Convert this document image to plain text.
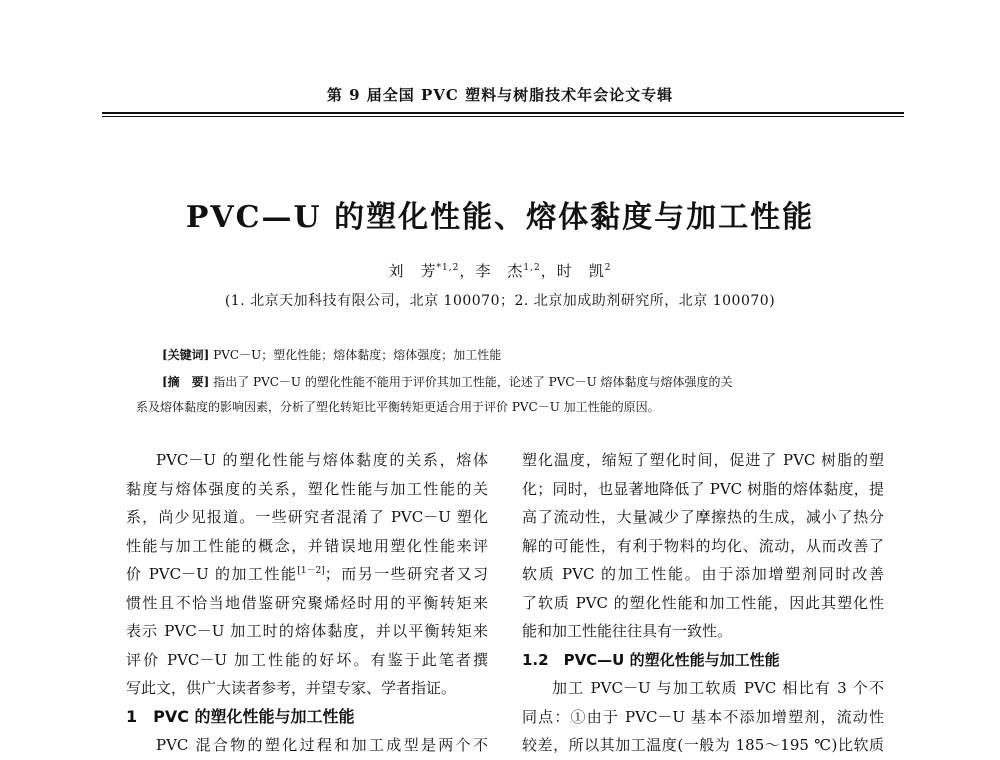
第 9 届全国 PVC 塑料与树脂技术年会论文专辑
PVC—U 的塑化性能、熔体黏度与加工性能
刘　芳$^{*1,2}$，李　杰$^{1,2}$，时　凯$^2$
(1. 北京天加科技有限公司，北京 100070；2. 北京加成助剂研究所，北京 100070)
[关键词] PVC－U；塑化性能；熔体黏度；熔体强度；加工性能
[摘　要] 指出了 PVC－U 的塑化性能不能用于评价其加工性能，论述了 PVC－U 熔体黏度与熔体强度的关
系及熔体黏度的影响因素，分析了塑化转矩比平衡转矩更适合用于评价 PVC－U 加工性能的原因。
PVC－U 的塑化性能与熔体黏度的关系，熔体
黏度与熔体强度的关系，塑化性能与加工性能的关
系，尚少见报道。一些研究者混淆了 PVC－U 塑化
性能与加工性能的概念，并错误地用塑化性能来评
价 PVC－U 的加工性能[1－2]；而另一些研究者又习
惯性且不恰当地借鉴研究聚烯烃时用的平衡转矩来
表示 PVC－U 加工时的熔体黏度，并以平衡转矩来
评价 PVC－U 加工性能的好坏。有鉴于此笔者撰
写此文，供广大读者参考，并望专家、学者指证。
1　PVC 的塑化性能与加工性能
PVC 混合物的塑化过程和加工成型是两个不
塑化温度，缩短了塑化时间，促进了 PVC 树脂的塑
化；同时，也显著地降低了 PVC 树脂的熔体黏度，提
高了流动性，大量减少了摩擦热的生成，减小了热分
解的可能性，有利于物料的均化、流动，从而改善了
软质 PVC 的加工性能。由于添加增塑剂同时改善
了软质 PVC 的塑化性能和加工性能，因此其塑化性
能和加工性能往往具有一致性。
1.2　PVC—U 的塑化性能与加工性能
加工 PVC－U 与加工软质 PVC 相比有 3 个不
同点：①由于 PVC－U 基本不添加增塑剂，流动性
较差，所以其加工温度(一般为 185～195 ℃)比软质
